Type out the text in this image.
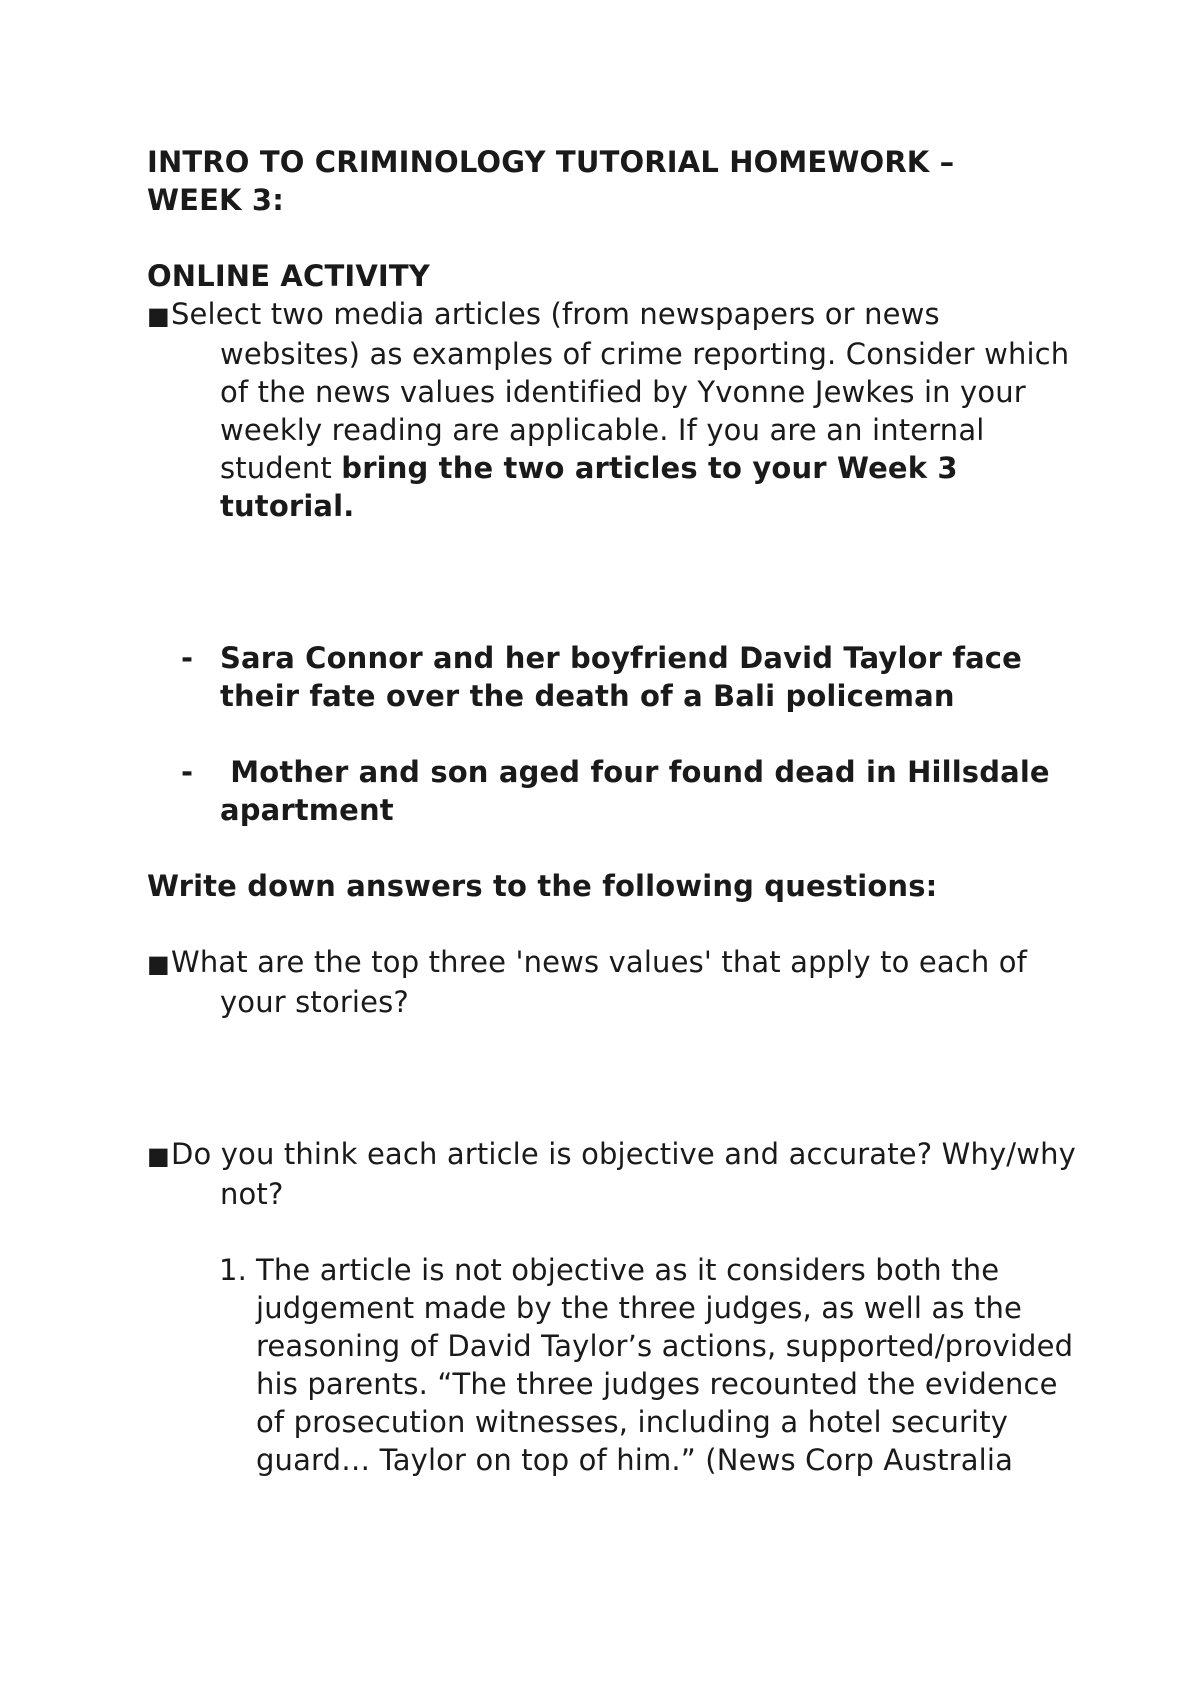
INTRO TO CRIMINOLOGY TUTORIAL HOMEWORK –
WEEK 3:

ONLINE ACTIVITY

■Select two media articles (from newspapers or news websites) as examples of crime reporting. Consider which of the news values identified by Yvonne Jewkes in your weekly reading are applicable. If you are an internal student bring the two articles to your Week 3 tutorial.

- Sara Connor and her boyfriend David Taylor face their fate over the death of a Bali policeman

- Mother and son aged four found dead in Hillsdale apartment

Write down answers to the following questions:

■What are the top three 'news values' that apply to each of your stories?

■Do you think each article is objective and accurate? Why/why not?

1. The article is not objective as it considers both the judgement made by the three judges, as well as the reasoning of David Taylor’s actions, supported/provided his parents. “The three judges recounted the evidence of prosecution witnesses, including a hotel security guard… Taylor on top of him.” (News Corp Australia
